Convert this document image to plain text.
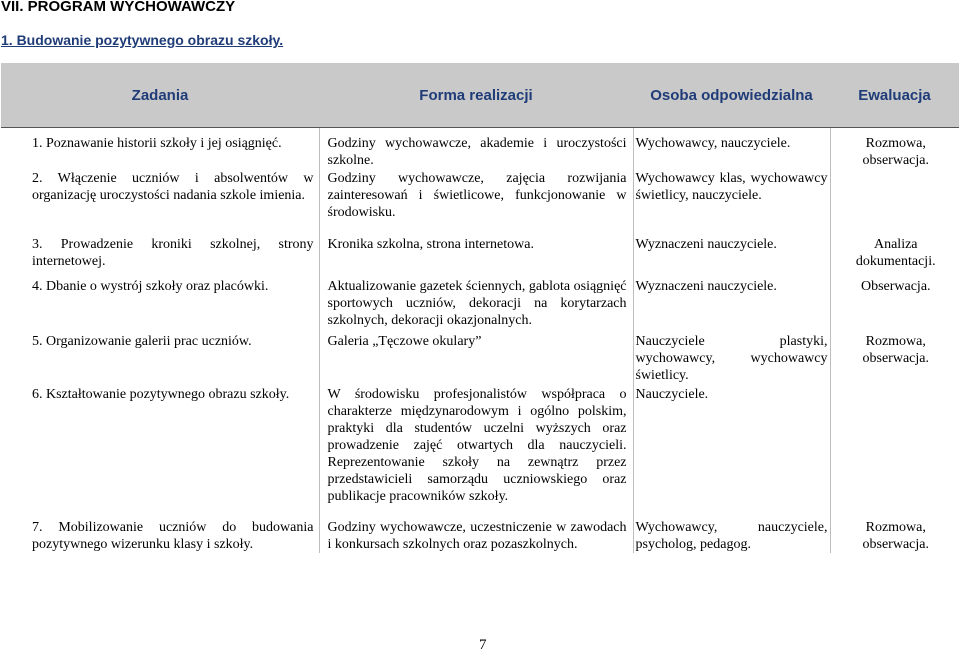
VII. PROGRAM WYCHOWAWCZY
1. Budowanie pozytywnego obrazu szkoły.
Zadania	Forma realizacji	Osoba odpowiedzialna	Ewaluacja
1. Poznawanie historii szkoły i jej osiągnięć.	Godziny wychowawcze, akademie i uroczystości szkolne.	Wychowawcy, nauczyciele.	Rozmowa, obserwacja.
2. Włączenie uczniów i absolwentów w organizację uroczystości nadania szkole imienia.	Godziny wychowawcze, zajęcia rozwijania zainteresowań i świetlicowe, funkcjonowanie w środowisku.	Wychowawcy klas, wychowawcy świetlicy, nauczyciele.	
3. Prowadzenie kroniki szkolnej, strony internetowej.	Kronika szkolna, strona internetowa.	Wyznaczeni nauczyciele.	Analiza dokumentacji.
4. Dbanie o wystrój szkoły oraz placówki.	Aktualizowanie gazetek ściennych, gablota osiągnięć sportowych uczniów, dekoracji na korytarzach szkolnych, dekoracji okazjonalnych.	Wyznaczeni nauczyciele.	Obserwacja.
5. Organizowanie galerii prac uczniów.	Galeria „Tęczowe okulary”	Nauczyciele plastyki, wychowawcy, wychowawcy świetlicy.	Rozmowa, obserwacja.
6. Kształtowanie pozytywnego obrazu szkoły.	W środowisku profesjonalistów współpraca o charakterze międzynarodowym i ogólno polskim, praktyki dla studentów uczelni wyższych oraz prowadzenie zajęć otwartych dla nauczycieli. Reprezentowanie szkoły na zewnątrz przez przedstawicieli samorządu uczniowskiego oraz publikacje pracowników szkoły.	Nauczyciele.	
7. Mobilizowanie uczniów do budowania pozytywnego wizerunku klasy i szkoły.	Godziny wychowawcze, uczestniczenie w zawodach i konkursach szkolnych oraz pozaszkolnych.	Wychowawcy, nauczyciele, psycholog, pedagog.	Rozmowa, obserwacja.
7
